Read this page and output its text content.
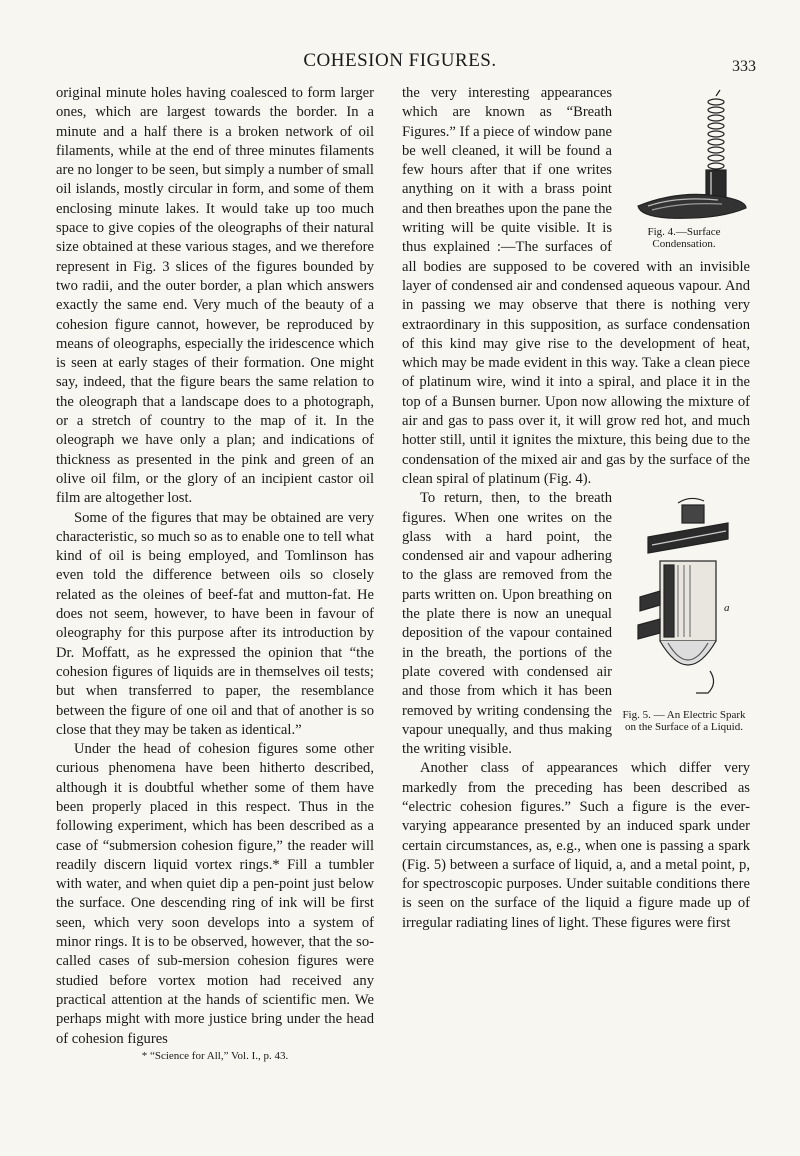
COHESION FIGURES.	333

original minute holes having coalesced to form larger ones, which are largest towards the border. In a minute and a half there is a broken network of oil filaments, while at the end of three minutes filaments are no longer to be seen, but simply a number of small oil islands, mostly circular in form, and some of them enclosing minute lakes. It would take up too much space to give copies of the oleographs of their natural size obtained at these various stages, and we therefore represent in Fig. 3 slices of the figures bounded by two radii, and the outer border, a plan which answers exactly the same end. Very much of the beauty of a cohesion figure cannot, however, be reproduced by means of oleographs, especially the iridescence which is seen at early stages of their formation. One might say, indeed, that the figure bears the same relation to the oleograph that a landscape does to a photograph, or a stretch of country to the map of it. In the oleograph we have only a plan; and indications of thickness as presented in the pink and green of an olive oil film, or the glory of an incipient castor oil film are altogether lost.

Some of the figures that may be obtained are very characteristic, so much so as to enable one to tell what kind of oil is being employed, and Tomlinson has even told the difference between oils so closely related as the oleines of beef-fat and mutton-fat. He does not seem, however, to have been in favour of oleography for this purpose after its introduction by Dr. Moffatt, as he expressed the opinion that “the cohesion figures of liquids are in themselves oil tests; but when transferred to paper, the resemblance between the figure of one oil and that of another is so close that they may be taken as identical.”

Under the head of cohesion figures some other curious phenomena have been hitherto described, although it is doubtful whether some of them have been properly placed in this respect. Thus in the following experiment, which has been described as a case of “submersion cohesion figure,” the reader will readily discern liquid vortex rings.* Fill a tumbler with water, and when quiet dip a pen-point just below the surface. One descending ring of ink will be first seen, which very soon develops into a system of minor rings. It is to be observed, however, that the so-called cases of sub-mersion cohesion figures were studied before vortex motion had received any practical attention at the hands of scientific men. We perhaps might with more justice bring under the head of cohesion figures

* “Science for All,” Vol. I., p. 43.
Fig. 4.—Surface Condensation.

the very interesting appearances which are known as “Breath Figures.” If a piece of window pane be well cleaned, it will be found a few hours after that if one writes anything on it with a brass point and then breathes upon the pane the writing will be quite visible. It is thus explained :—The surfaces of all bodies are supposed to be covered with an invisible layer of condensed air and condensed aqueous vapour. And in passing we may observe that there is nothing very extraordinary in this supposition, as surface condensation of this kind may give rise to the development of heat, which may be made evident in this way. Take a clean piece of platinum wire, wind it into a spiral, and place it in the top of a Bunsen burner. Upon now allowing the mixture of air and gas to pass over it, it will grow red hot, and much hotter still, until it ignites the mixture, this being due to the condensation of the mixed air and gas by the surface of the clean spiral of platinum (Fig. 4).

a
Fig. 5. — An Electric Spark on the Surface of a Liquid.

To return, then, to the breath figures. When one writes on the glass with a hard point, the condensed air and vapour adhering to the glass are removed from the parts written on. Upon breathing on the plate there is now an unequal deposition of the vapour contained in the breath, the portions of the plate covered with condensed air and those from which it has been removed by writing condensing the vapour unequally, and thus making the writing visible.

Another class of appearances which differ very markedly from the preceding has been described as “electric cohesion figures.” Such a figure is the ever-varying appearance presented by an induced spark under certain circumstances, as, e.g., when one is passing a spark (Fig. 5) between a surface of liquid, a, and a metal point, p, for spectroscopic purposes. Under suitable conditions there is seen on the surface of the liquid a figure made up of irregular radiating lines of light. These figures were first
